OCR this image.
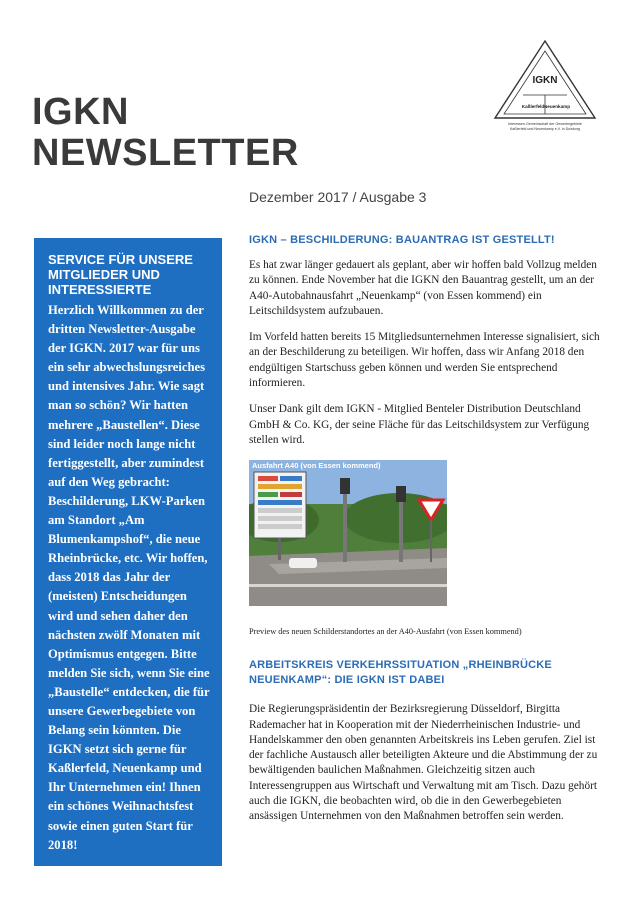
IGKN
NEWSLETTER
Dezember 2017 / Ausgabe 3
IGKN
Kaßlerfeld Neuenkamp
Interessen-Gemeinschaft der Gewerbegebiete
Kaßlerfeld und Neuenkamp e.V. in Duisburg
SERVICE FÜR UNSERE MITGLIEDER UND INTERESSIERTE

Herzlich Willkommen zu der dritten Newsletter-Ausgabe der IGKN. 2017 war für uns ein sehr abwechslungsreiches und intensives Jahr. Wie sagt man so schön? Wir hatten mehrere „Baustellen“. Diese sind leider noch lange nicht fertiggestellt, aber zumindest auf den Weg gebracht: Beschilderung, LKW-Parken am Standort „Am Blumenkampshof“, die neue Rheinbrücke, etc. Wir hoffen, dass 2018 das Jahr der (meisten) Entscheidungen wird und sehen daher den nächsten zwölf Monaten mit Optimismus entgegen. Bitte melden Sie sich, wenn Sie eine „Baustelle“ entdecken, die für unsere Gewerbegebiete von Belang sein könnten. Die IGKN setzt sich gerne für Kaßlerfeld, Neuenkamp und Ihr Unternehmen ein! Ihnen ein schönes Weihnachtsfest sowie einen guten Start für 2018!

IGKN – BESCHILDERUNG: BAUANTRAG IST GESTELLT!

Es hat zwar länger gedauert als geplant, aber wir hoffen bald Vollzug melden zu können. Ende November hat die IGKN den Bauantrag gestellt, um an der A40-Autobahnausfahrt „Neuenkamp“ (von Essen kommend) ein Leitschildsystem aufzubauen.

Im Vorfeld hatten bereits 15 Mitgliedsunternehmen Interesse signalisiert, sich an der Beschilderung zu beteiligen. Wir hoffen, dass wir Anfang 2018 den endgültigen Startschuss geben können und werden Sie entsprechend informieren.

Unser Dank gilt dem IGKN - Mitglied Benteler Distribution Deutschland GmbH & Co. KG, der seine Fläche für das Leitschildsystem zur Verfügung stellen wird.

Ausfahrt A40 (von Essen kommend)
Preview des neuen Schilderstandortes an der A40-Ausfahrt (von Essen kommend)
ARBEITSKREIS VERKEHRSSITUATION „RHEINBRÜCKE NEUENKAMP“: DIE IGKN IST DABEI

Die Regierungspräsidentin der Bezirksregierung Düsseldorf, Birgitta Rademacher hat in Kooperation mit der Niederrheinischen Industrie- und Handelskammer den oben genannten Arbeitskreis ins Leben gerufen. Ziel ist der fachliche Austausch aller beteiligten Akteure und die Abstimmung der zu bewältigenden baulichen Maßnahmen. Gleichzeitig sitzen auch Interessengruppen aus Wirtschaft und Verwaltung mit am Tisch. Dazu gehört auch die IGKN, die beobachten wird, ob die in den Gewerbegebieten ansässigen Unternehmen von den Maßnahmen betroffen sein werden.
